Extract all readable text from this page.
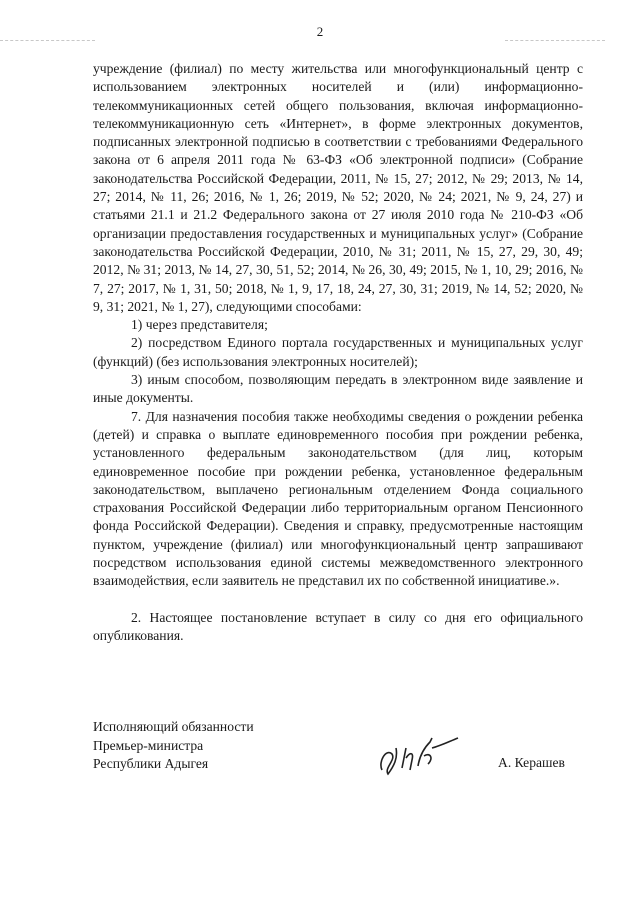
2

учреждение (филиал) по месту жительства или многофункциональный центр с использованием электронных носителей и (или) информационно-телекоммуникационных сетей общего пользования, включая информационно-телекоммуникационную сеть «Интернет», в форме электронных документов, подписанных электронной подписью в соответствии с требованиями Федерального закона от 6 апреля 2011 года № 63-ФЗ «Об электронной подписи» (Собрание законодательства Российской Федерации, 2011, № 15, 27; 2012, № 29; 2013, № 14, 27; 2014, № 11, 26; 2016, № 1, 26; 2019, № 52; 2020, № 24; 2021, № 9, 24, 27) и статьями 21.1 и 21.2 Федерального закона от 27 июля 2010 года № 210-ФЗ «Об организации предоставления государственных и муниципальных услуг» (Собрание законодательства Российской Федерации, 2010, № 31; 2011, № 15, 27, 29, 30, 49; 2012, № 31; 2013, № 14, 27, 30, 51, 52; 2014, № 26, 30, 49; 2015, № 1, 10, 29; 2016, № 7, 27; 2017, № 1, 31, 50; 2018, № 1, 9, 17, 18, 24, 27, 30, 31; 2019, № 14, 52; 2020, № 9, 31; 2021, № 1, 27), следующими способами:

1) через представителя;

2) посредством Единого портала государственных и муниципальных услуг (функций) (без использования электронных носителей);

3) иным способом, позволяющим передать в электронном виде заявление и иные документы.

7. Для назначения пособия также необходимы сведения о рождении ребенка (детей) и справка о выплате единовременного пособия при рождении ребенка, установленного федеральным законодательством (для лиц, которым единовременное пособие при рождении ребенка, установленное федеральным законодательством, выплачено региональным отделением Фонда социального страхования Российской Федерации либо территориальным органом Пенсионного фонда Российской Федерации). Сведения и справку, предусмотренные настоящим пунктом, учреждение (филиал) или многофункциональный центр запрашивают посредством использования единой системы межведомственного электронного взаимодействия, если заявитель не представил их по собственной инициативе.».

2. Настоящее постановление вступает в силу со дня его официального опубликования.

Исполняющий обязанности
Премьер-министра
Республики Адыгея	А. Керашев
